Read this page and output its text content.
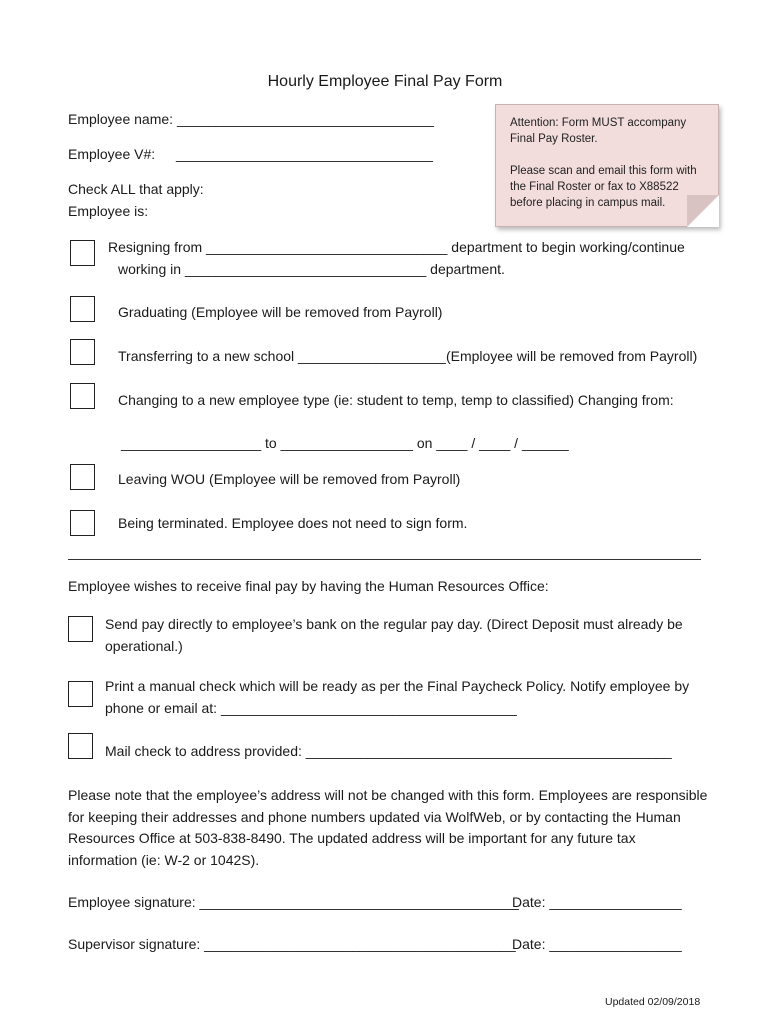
Hourly Employee Final Pay Form
Employee name: _________________________________
Employee V#: _________________________________
Check ALL that apply:
Employee is:

Attention: Form MUST accompany

Final Pay Roster.

Please scan and email this form with

the Final Roster or fax to X88522

before placing in campus mail.

Resigning from _______________________________ department to begin working/continue
working in _______________________________ department.
Graduating (Employee will be removed from Payroll)
Transferring to a new school ___________________(Employee will be removed from Payroll)
Changing to a new employee type (ie: student to temp, temp to classified) Changing from:
__________________ to _________________ on ____ / ____ / ______
Leaving WOU (Employee will be removed from Payroll)
Being terminated. Employee does not need to sign form.
Employee wishes to receive final pay by having the Human Resources Office:
Send pay directly to employee’s bank on the regular pay day. (Direct Deposit must already be
operational.)
Print a manual check which will be ready as per the Final Paycheck Policy. Notify employee by
phone or email at: ______________________________________
Mail check to address provided: _______________________________________________
Please note that the employee’s address will not be changed with this form. Employees are responsible
for keeping their addresses and phone numbers updated via WolfWeb, or by contacting the Human
Resources Office at 503-838-8490. The updated address will be important for any future tax
information (ie: W-2 or 1042S).
Employee signature: _________________________________________
Date: _________________
Supervisor signature: ________________________________________
Date: _________________
Updated 02/09/2018
